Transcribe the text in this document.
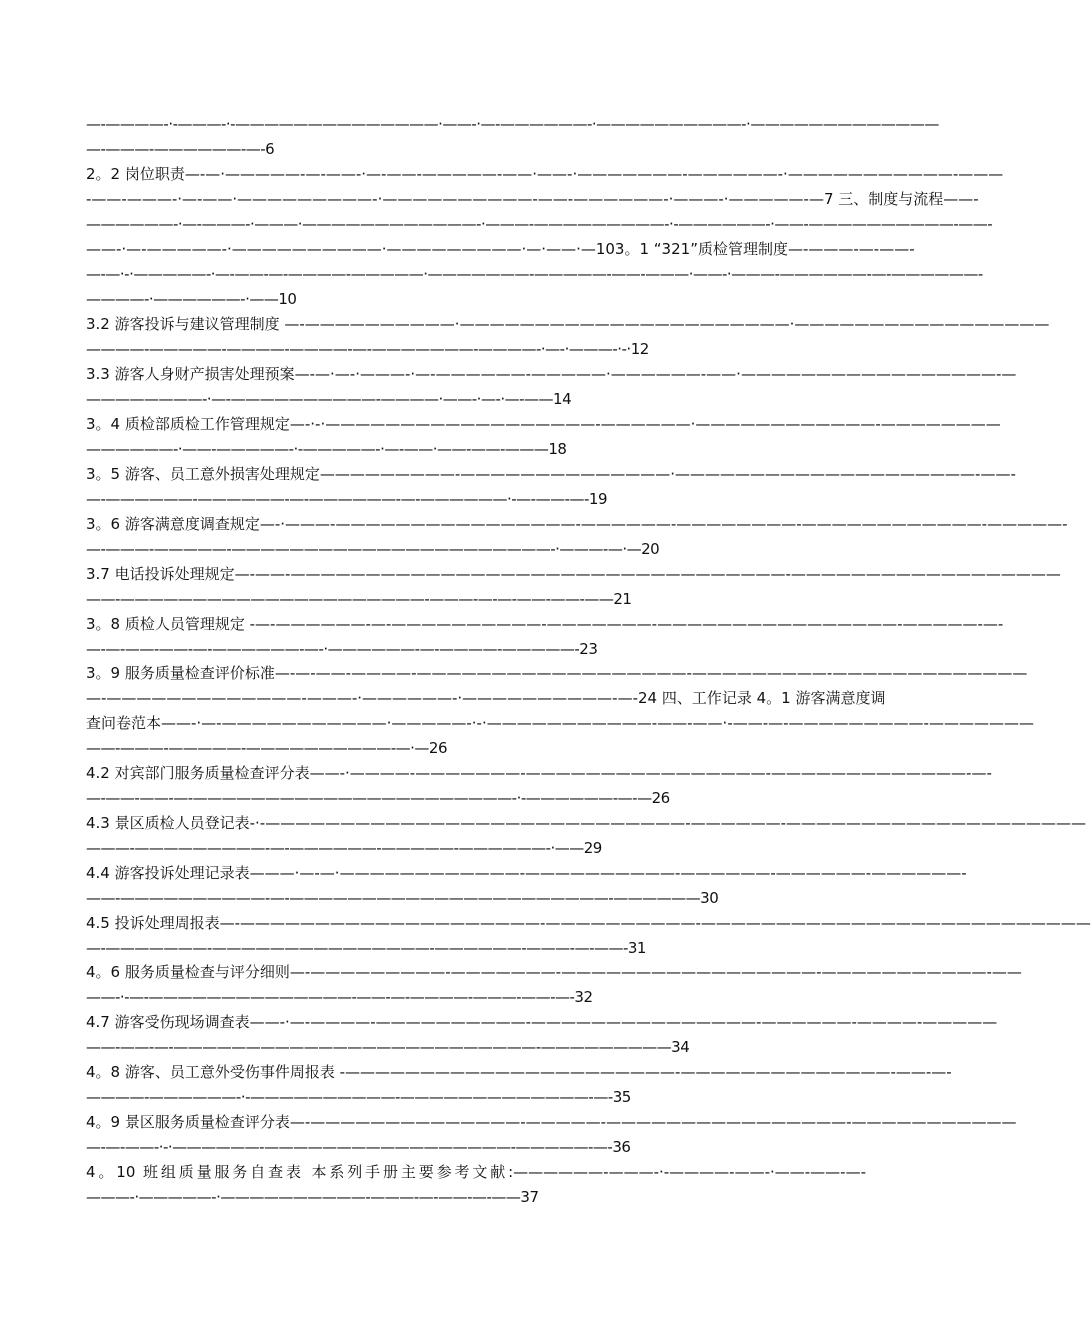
—-————-·-———-·-——————————————·——-·—-——————-·——————————-·—————————————
—-———-——————-—-6
2。2 岗位职责—-—·—————-—-——-·—-——-—————-——·——-·———————-——————-·———————————-———
-——-———-·—-——·—————————-·——————————-——-——————-·———-·—————-—7 三、制度与流程——-
——————-·—-———-·———·————————————-·———-—————————-·-——————-·——-——————————-——-
——-·—-—————-·——————————·—————————·—·——·—103。1 “321”质检管理制度—-———-—-——-
—-—·-·—————-·—-——-—-————-—————·———————-—————-——-———·——-·———-——————-—-——————-
————-·——————-·——10
3.2 游客投诉与建议管理制度 —-——————————·——————————————————————·—————————————————
————-—————-————-————-—-———————-————-·—-·———-·-·12
3.3 游客人身财产损害处理预案—-—·—-·———-·—-——————-—————·——————-——·—————————————————-—
————————-·—-——————————-————·——-·—-·—-——14
3。4 质检部质检工作管理规定—-·-·——————————————————-——————·————————————-————————
——————-·——-—————-·-—————-·—-——·——-——-———18
3。5 游客、员工意外损害处理规定—————————-——————————————·————————————————————-——-
—-——————-——————-—-——————-—-——————·-—-——-—-19
3。6 游客满意度调查规定—-·———-————————————————-——————-————————-————————————-—————-
—-———-—————-——————————————————————-·———-—·—20
3.7 电话投诉处理规定—-——-—————————————————————————————————-——————————————————
——-—————————————————————-———-—-—-——-——-——21
3。8 质检人员管理规定 -—-——————-—-——————————-———————-————————————————-—————-—-
—-—-——-——-—-——————-—-·——————-—-————-—————-23
3。9 服务质量检查评价标准—-—-——-————-——————————————————-—————————-—————————————
—-—————————————-———-·——————-·——————————-—-24 四、工作记录 4。1 游客满意度调
查问卷范本——-·—-———————————·—————-·-·———————————-——-——·-——-—-—————————-———————
——-———-—————-——————————-—·—26
4.2 对宾部门服务质量检查评分表——-·————-———————-————————————————-—————————————-—-
—-——-——-—-——————————————————————-·-——————-—-—26
4.3 景区质检人员登记表-·-————————————————————————————-——————-————————————————————
———-—————————-—-——————-—————-——————-·——29
4.4 游客投诉处理记录表———·—-—·————————————-——————————-——————-——————-——————-
——-——————————-—-——————————————————————-——————30
4.5 投诉处理周报表—-————————————————————-——————————-——————————————————————————
—-———————-———————————————-——————-———-—-——-31
4。6 服务质量检查与评分细则—-—————————-———————-—————————————————-———————————-——
——-·-—-——————————————-——-—-————-———-——-—-32
4.7 游客受伤现场调查表——-·—-————-——————————-———————————————-——————-————-—————
——-——-—-—————————————————————————-—————————34
4。8 游客、员工意外受伤事件周报表 -——————————————————————-——————————————-——-—-
————-——————-·-——————————-—————————————-—-35
4。9 景区服务质量检查评分表—-——————————————-—————-————————————————-———————————
—-—-——-·-·——————-—————————————————-—————-—-36
4。10 班组质量服务自查表 本系列手册主要参考文献:——————-———-·-————-——-·——-——-—-
———-·—————-·——————————-———-—-——-—-——37
